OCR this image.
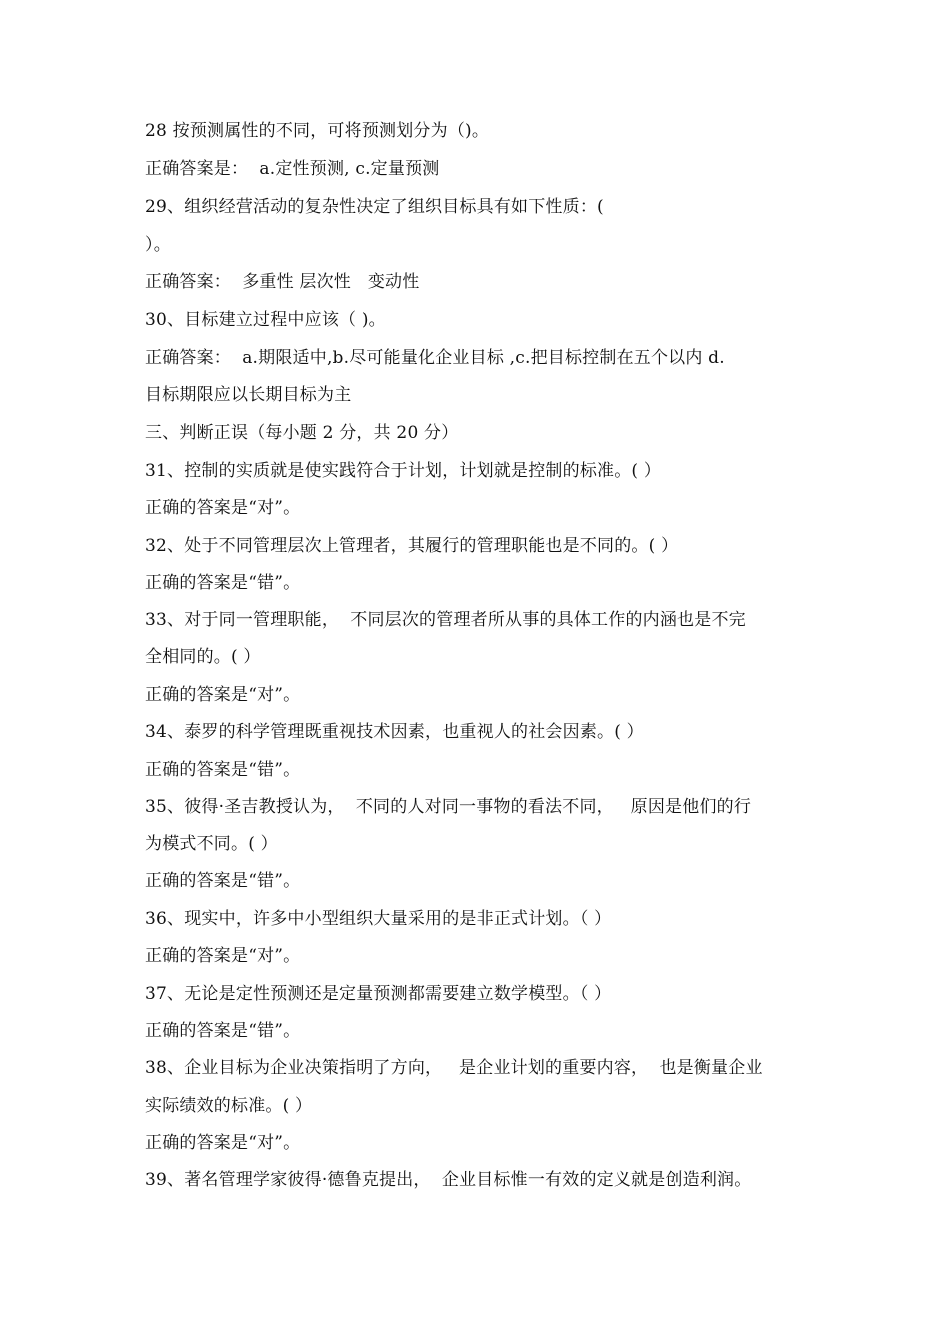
28 按预测属性的不同，可将预测划分为（)。
正确答案是：  a.定性预测, c.定量预测
29、组织经营活动的复杂性决定了组织目标具有如下性质：(
）。
正确答案：  多重性 层次性   变动性
30、目标建立过程中应该（ )。
正确答案：  a.期限适中,b.尽可能量化企业目标 ,c.把目标控制在五个以内 d.
目标期限应以长期目标为主
三、判断正误（每小题 2 分，共 20 分）
31、控制的实质就是使实践符合于计划，计划就是控制的标准。( ）
正确的答案是“对”。
32、处于不同管理层次上管理者，其履行的管理职能也是不同的。( ）
正确的答案是“错”。
33、对于同一管理职能，  不同层次的管理者所从事的具体工作的内涵也是不完
全相同的。( ）
正确的答案是“对”。
34、泰罗的科学管理既重视技术因素，也重视人的社会因素。( ）
正确的答案是“错”。
35、彼得·圣吉教授认为，  不同的人对同一事物的看法不同，   原因是他们的行
为模式不同。( ）
正确的答案是“错”。
36、现实中，许多中小型组织大量采用的是非正式计划。（ ）
正确的答案是“对”。
37、无论是定性预测还是定量预测都需要建立数学模型。（ ）
正确的答案是“错”。
38、企业目标为企业决策指明了方向，   是企业计划的重要内容，  也是衡量企业
实际绩效的标准。( ）
正确的答案是“对”。
39、著名管理学家彼得·德鲁克提出，  企业目标惟一有效的定义就是创造利润。
